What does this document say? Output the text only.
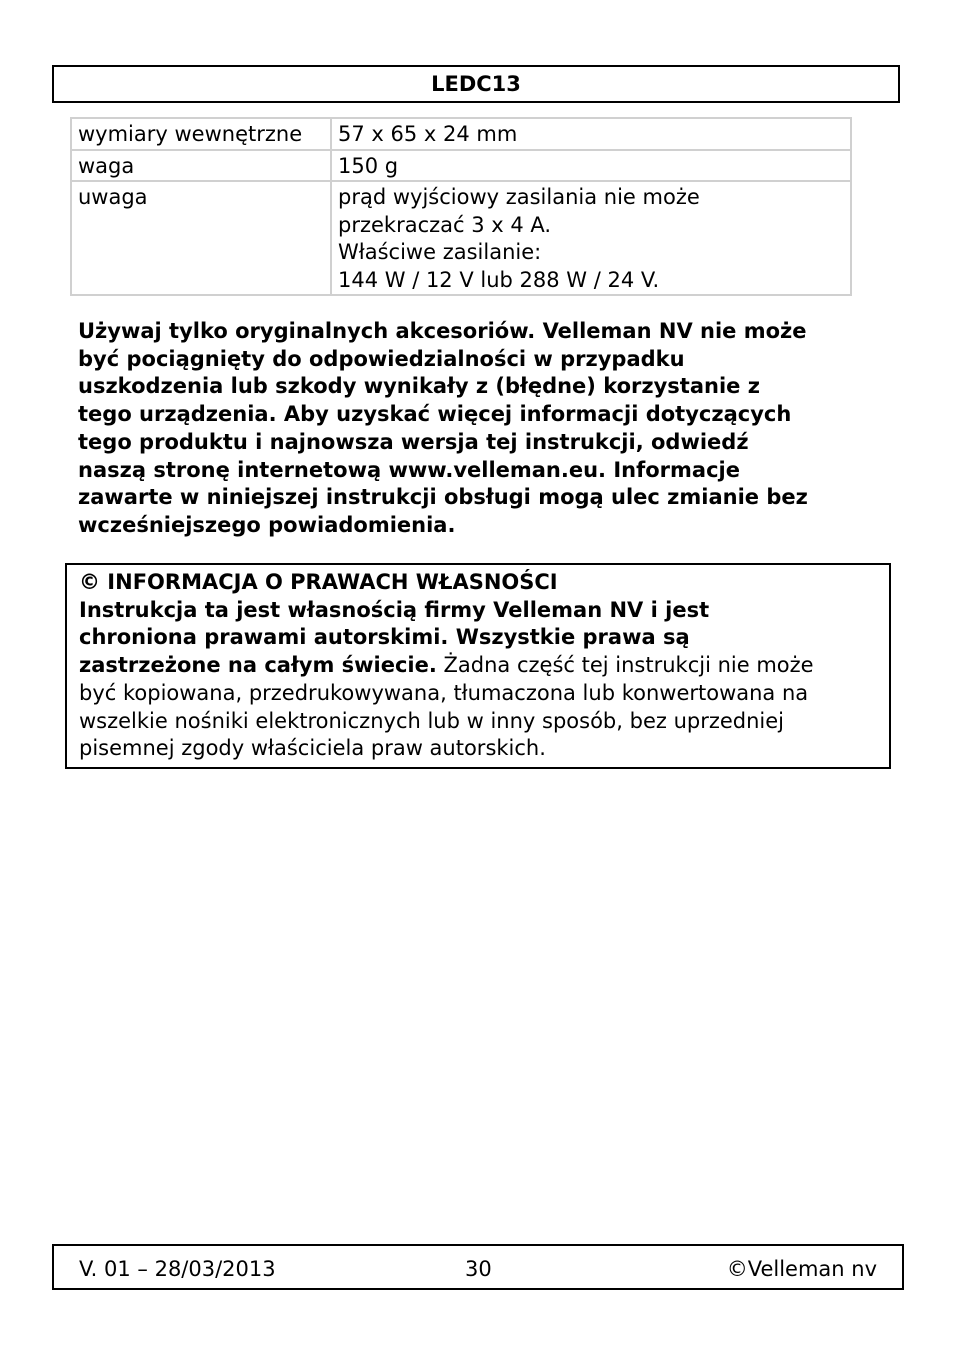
LEDC13
wymiary wewnętrzne	57 x 65 x 24 mm
waga	150 g
uwaga	prąd wyjściowy zasilania nie może
przekraczać 3 x 4 A.
Właściwe zasilanie:
144 W / 12 V lub 288 W / 24 V.
Używaj tylko oryginalnych akcesoriów. Velleman NV nie może
być pociągnięty do odpowiedzialności w przypadku
uszkodzenia lub szkody wynikały z (błędne) korzystanie z
tego urządzenia. Aby uzyskać więcej informacji dotyczących
tego produktu i najnowsza wersja tej instrukcji, odwiedź
naszą stronę internetową www.velleman.eu. Informacje
zawarte w niniejszej instrukcji obsługi mogą ulec zmianie bez
wcześniejszego powiadomienia.
© INFORMACJA O PRAWACH WŁASNOŚCI
Instrukcja ta jest własnością firmy Velleman NV i jest
chroniona prawami autorskimi. Wszystkie prawa są
zastrzeżone na całym świecie. Żadna część tej instrukcji nie może
być kopiowana, przedrukowywana, tłumaczona lub konwertowana na
wszelkie nośniki elektronicznych lub w inny sposób, bez uprzedniej
pisemnej zgody właściciela praw autorskich.
V. 01 – 28/03/2013	30	©Velleman nv
